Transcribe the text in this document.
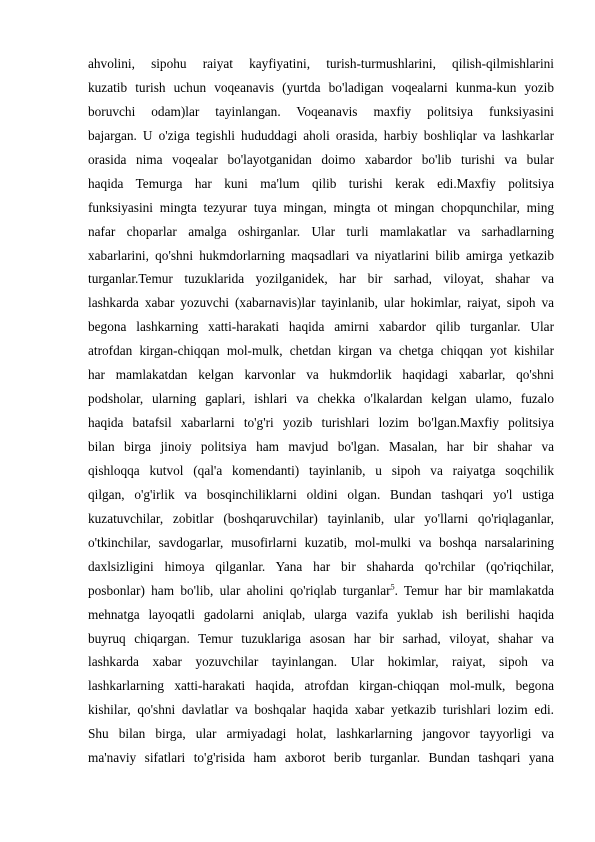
ahvolini, sipohu raiyat kayfiyatini, turish-turmushlarini, qilish-qilmishlarini
kuzatib turish uchun voqeanavis (yurtda bo'ladigan voqealarni kunma-kun yozib
boruvchi odam)lar tayinlangan. Voqeanavis maxfiy politsiya funksiyasini
bajargan. U o'ziga tegishli hududdagi aholi orasida, harbiy boshliqlar va lashkarlar
orasida nima voqealar bo'layotganidan doimo xabardor bo'lib turishi va bular
haqida Temurga har kuni ma'lum qilib turishi kerak edi.Maxfiy politsiya
funksiyasini mingta tezyurar tuya mingan, mingta ot mingan chopqunchilar, ming
nafar choparlar amalga oshirganlar. Ular turli mamlakatlar va sarhadlarning
xabarlarini, qo'shni hukmdorlarning maqsadlari va niyatlarini bilib amirga yetkazib
turganlar.Temur tuzuklarida yozilganidek, har bir sarhad, viloyat, shahar va
lashkarda xabar yozuvchi (xabarnavis)lar tayinlanib, ular hokimlar, raiyat, sipoh va
begona lashkarning xatti-harakati haqida amirni xabardor qilib turganlar. Ular
atrofdan kirgan-chiqqan mol-mulk, chetdan kirgan va chetga chiqqan yot kishilar
har mamlakatdan kelgan karvonlar va hukmdorlik haqidagi xabarlar, qo'shni
podsholar, ularning gaplari, ishlari va chekka o'lkalardan kelgan ulamo, fuzalo
haqida batafsil xabarlarni to'g'ri yozib turishlari lozim bo'lgan.Maxfiy politsiya
bilan birga jinoiy politsiya ham mavjud bo'lgan. Masalan, har bir shahar va
qishloqqa kutvol (qal'a komendanti) tayinlanib, u sipoh va raiyatga soqchilik
qilgan, o'g'irlik va bosqinchiliklarni oldini olgan. Bundan tashqari yo'l ustiga
kuzatuvchilar, zobitlar (boshqaruvchilar) tayinlanib, ular yo'llarni qo'riqlaganlar,
o'tkinchilar, savdogarlar, musofirlarni kuzatib, mol-mulki va boshqa narsalarining
daxlsizligini himoya qilganlar. Yana har bir shaharda qo'rchilar (qo'riqchilar,
posbonlar) ham bo'lib, ular aholini qo'riqlab turganlar$^5$. Temur har bir mamlakatda
mehnatga layoqatli gadolarni aniqlab, ularga vazifa yuklab ish berilishi haqida
buyruq chiqargan. Temur tuzuklariga asosan har bir sarhad, viloyat, shahar va
lashkarda xabar yozuvchilar tayinlangan. Ular hokimlar, raiyat, sipoh va
lashkarlarning xatti-harakati haqida, atrofdan kirgan-chiqqan mol-mulk, begona
kishilar, qo'shni davlatlar va boshqalar haqida xabar yetkazib turishlari lozim edi.
Shu bilan birga, ular armiyadagi holat, lashkarlarning jangovor tayyorligi va
ma'naviy sifatlari to'g'risida ham axborot berib turganlar. Bundan tashqari yana
